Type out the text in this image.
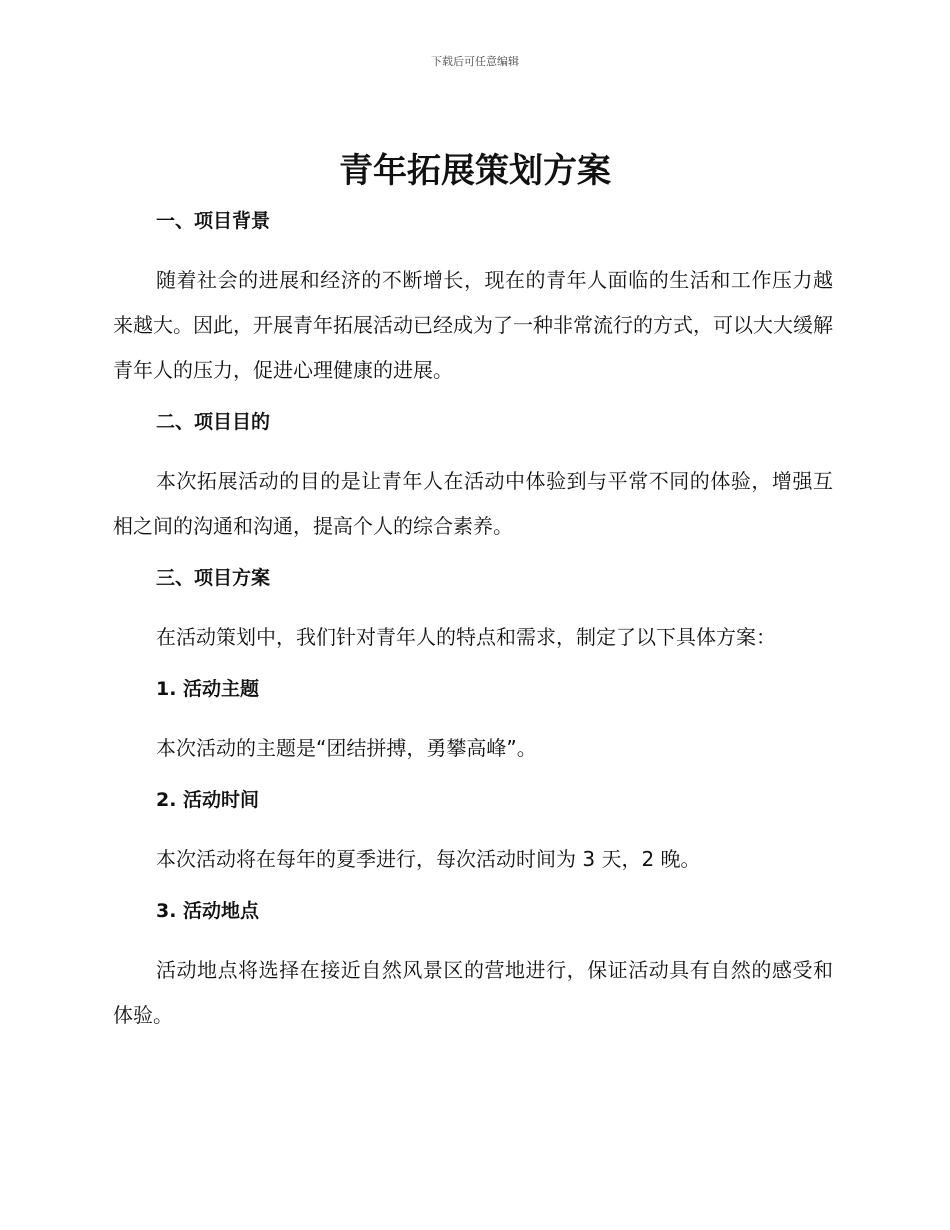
下载后可任意编辑
青年拓展策划方案
一、项目背景

随着社会的进展和经济的不断增长，现在的青年人面临的生活和工作压力越来越大。因此，开展青年拓展活动已经成为了一种非常流行的方式，可以大大缓解青年人的压力，促进心理健康的进展。

二、项目目的

本次拓展活动的目的是让青年人在活动中体验到与平常不同的体验，增强互相之间的沟通和沟通，提高个人的综合素养。

三、项目方案

在活动策划中，我们针对青年人的特点和需求，制定了以下具体方案：

1. 活动主题

本次活动的主题是“团结拼搏，勇攀高峰”。

2. 活动时间

本次活动将在每年的夏季进行，每次活动时间为 3 天，2 晚。

3. 活动地点

活动地点将选择在接近自然风景区的营地进行，保证活动具有自然的感受和体验。
